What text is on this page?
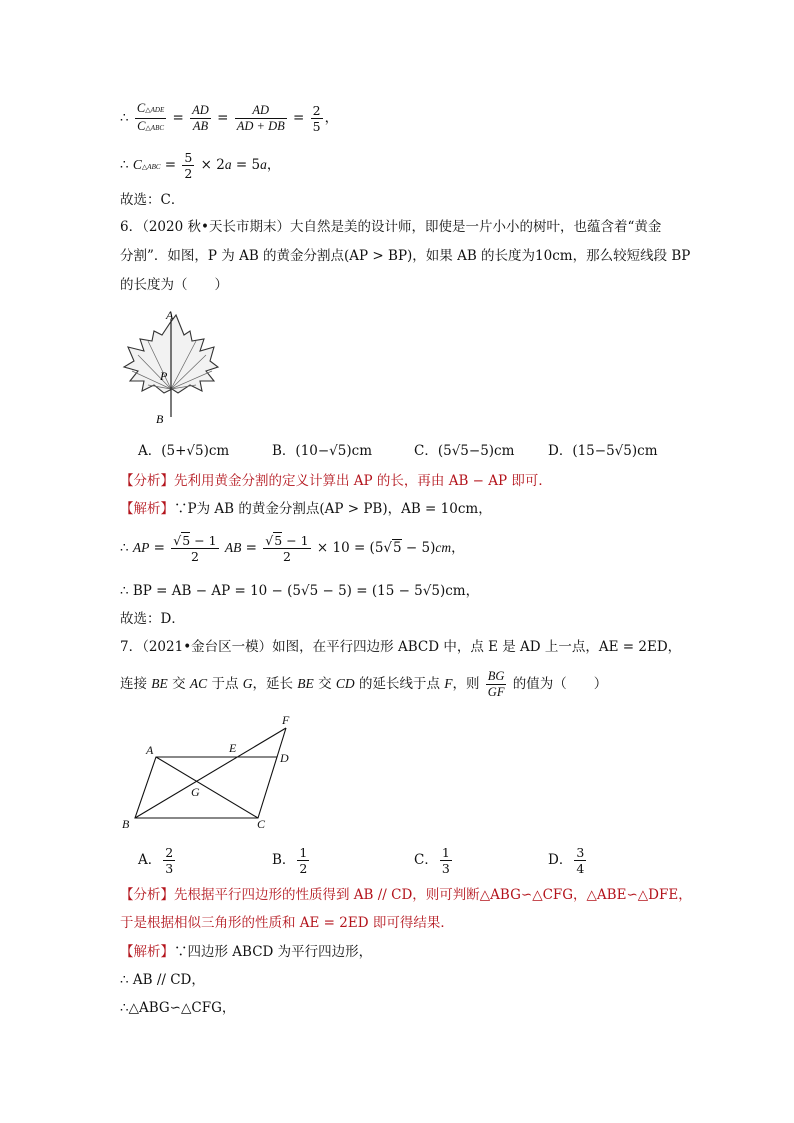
∴ $\frac{\text{C△ADE}}{\text{C△ABC}} = \frac{AD}{AB} = \frac{AD}{AD + DB} = \frac{2}{5}$ ，
∴ C△ABC = $\frac{5}{2} \times 2a = 5a$，
故选：C．
6．（2020 秋•天长市期末）大自然是美的设计师，即使是一片小小的树叶，也蕴含着“黄金
分割”．如图，P 为 AB 的黄金分割点(AP > BP)，如果 AB 的长度为10cm，那么较短线段 BP
的长度为（　　）
A
P
B
A．(5+√5)cm	B．(10−√5)cm	C．(5√5−5)cm D．(15−5√5)cm
【分析】先利用黄金分割的定义计算出 AP 的长，再由 AB − AP 即可．
【解析】∵P为 AB 的黄金分割点(AP > PB)，AB = 10cm，
∴ AP = $\frac{√5 - 1}{2}$ AB = $\frac{√5 - 1}{2} \times 10 = (5√5 - 5)cm$，
∴ BP = AB − AP = 10 − (5√5 − 5) = (15 − 5√5)cm，
故选：D．
7．（2021•金台区一模）如图，在平行四边形 ABCD 中，点 E 是 AD 上一点，AE = 2ED，
连接 BE 交 AC 于点 G，延长 BE 交 CD 的延长线于点 F，则 $\frac{BG}{GF}$ 的值为（　　）
A	E
D
F
G
B	C
A． $\frac{2}{3}$	B． $\frac{1}{2}$	C． $\frac{1}{3}$	D． $\frac{3}{4}$
【分析】先根据平行四边形的性质得到 AB // CD，则可判断△ABG∽△CFG，△ABE∽△DFE，
于是根据相似三角形的性质和 AE = 2ED 即可得结果．
【解析】∵四边形 ABCD 为平行四边形，
∴ AB // CD，
∴△ABG∽△CFG，
